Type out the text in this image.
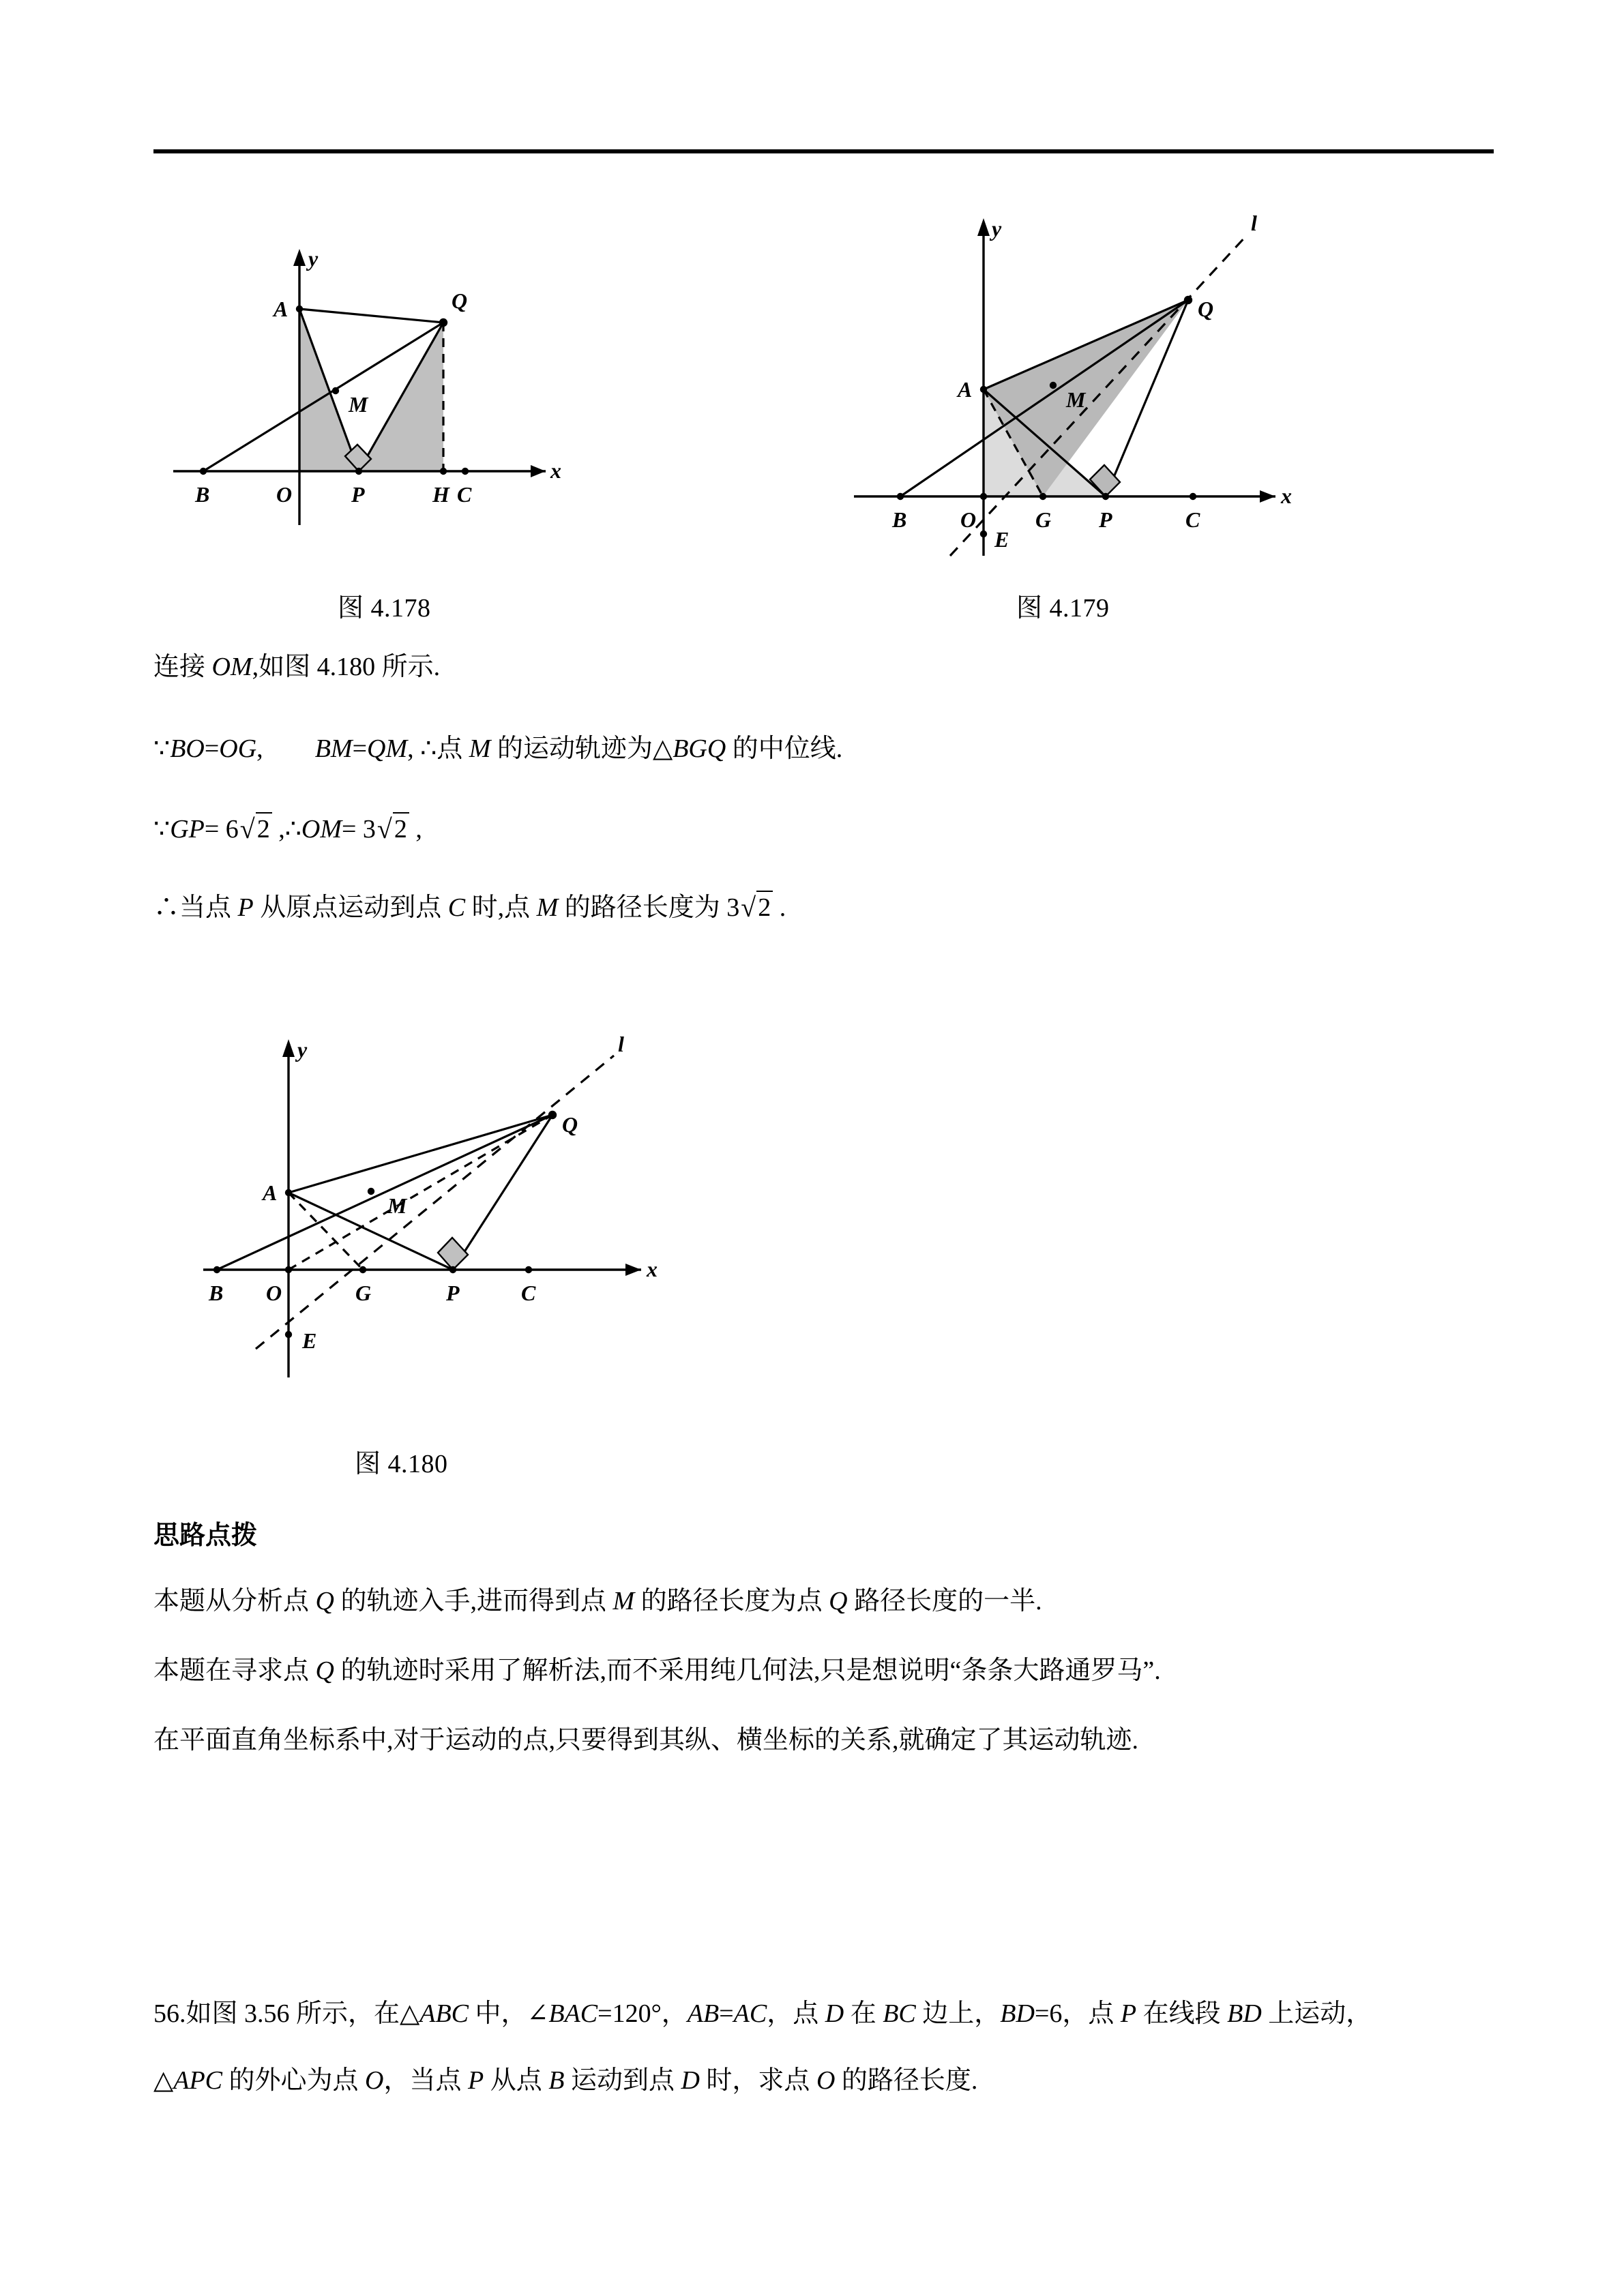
x
y
B	O	P	H C
A
M
Q
图 4.178
x
y	l
B O	G P	C
A	M
Q
E
图 4.179
连接 OM,如图 4.180 所示.
∵BO=OG,　　BM=QM, ∴点 M 的运动轨迹为△BGQ 的中位线.
∵GP= 6√2 ,∴OM= 3√2 ,
∴当点 P 从原点运动到点 C 时,点 M 的路径长度为 3√2 .
x
y	l
B O	G	P	C
A
M
Q
E
图 4.180
思路点拨
本题从分析点 Q 的轨迹入手,进而得到点 M 的路径长度为点 Q 路径长度的一半.
本题在寻求点 Q 的轨迹时采用了解析法,而不采用纯几何法,只是想说明“条条大路通罗马”.
在平面直角坐标系中,对于运动的点,只要得到其纵、横坐标的关系,就确定了其运动轨迹.
56.如图 3.56 所示，在△ABC 中，∠BAC=120°，AB=AC，点 D 在 BC 边上，BD=6，点 P 在线段 BD 上运动，
△APC 的外心为点 O，当点 P 从点 B 运动到点 D 时，求点 O 的路径长度.
